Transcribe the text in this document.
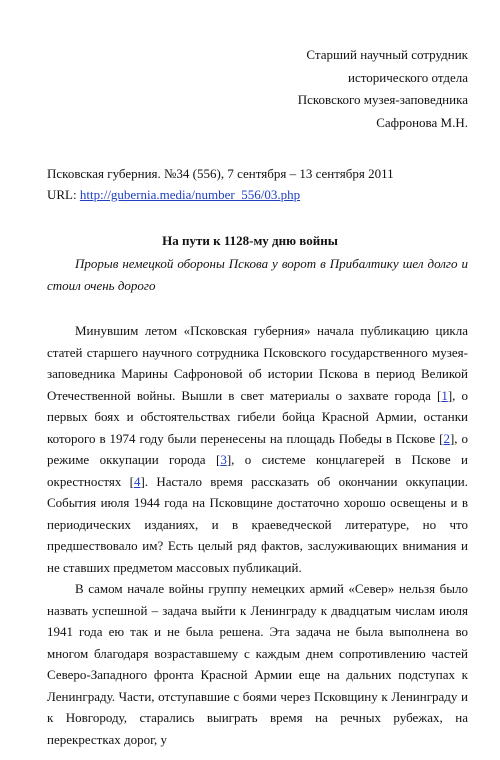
Старший научный сотрудник
исторического отдела
Псковского музея-заповедника
Сафронова М.Н.
Псковская губерния. №34 (556), 7 сентября – 13 сентября 2011
URL: http://gubernia.media/number_556/03.php
На пути к 1128-му дню войны
Прорыв немецкой обороны Пскова у ворот в Прибалтику шел долго и стоил очень дорого

Минувшим летом «Псковская губерния» начала публикацию цикла статей старшего научного сотрудника Псковского государственного музея-заповедника Марины Сафроновой об истории Пскова в период Великой Отечественной войны. Вышли в свет материалы о захвате города [1], о первых боях и обстоятельствах гибели бойца Красной Армии, останки которого в 1974 году были перенесены на площадь Победы в Пскове [2], о режиме оккупации города [3], о системе концлагерей в Пскове и окрестностях [4]. Настало время рассказать об окончании оккупации. События июля 1944 года на Псковщине достаточно хорошо освещены и в периодических изданиях, и в краеведческой литературе, но что предшествовало им? Есть целый ряд фактов, заслуживающих внимания и не ставших предметом массовых публикаций.

В самом начале войны группу немецких армий «Север» нельзя было назвать успешной – задача выйти к Ленинграду к двадцатым числам июля 1941 года ею так и не была решена. Эта задача не была выполнена во многом благодаря возраставшему с каждым днем сопротивлению частей Северо-Западного фронта Красной Армии еще на дальних подступах к Ленинграду. Части, отступавшие с боями через Псковщину к Ленинграду и к Новгороду, старались выиграть время на речных рубежах, на перекрестках дорог, у
